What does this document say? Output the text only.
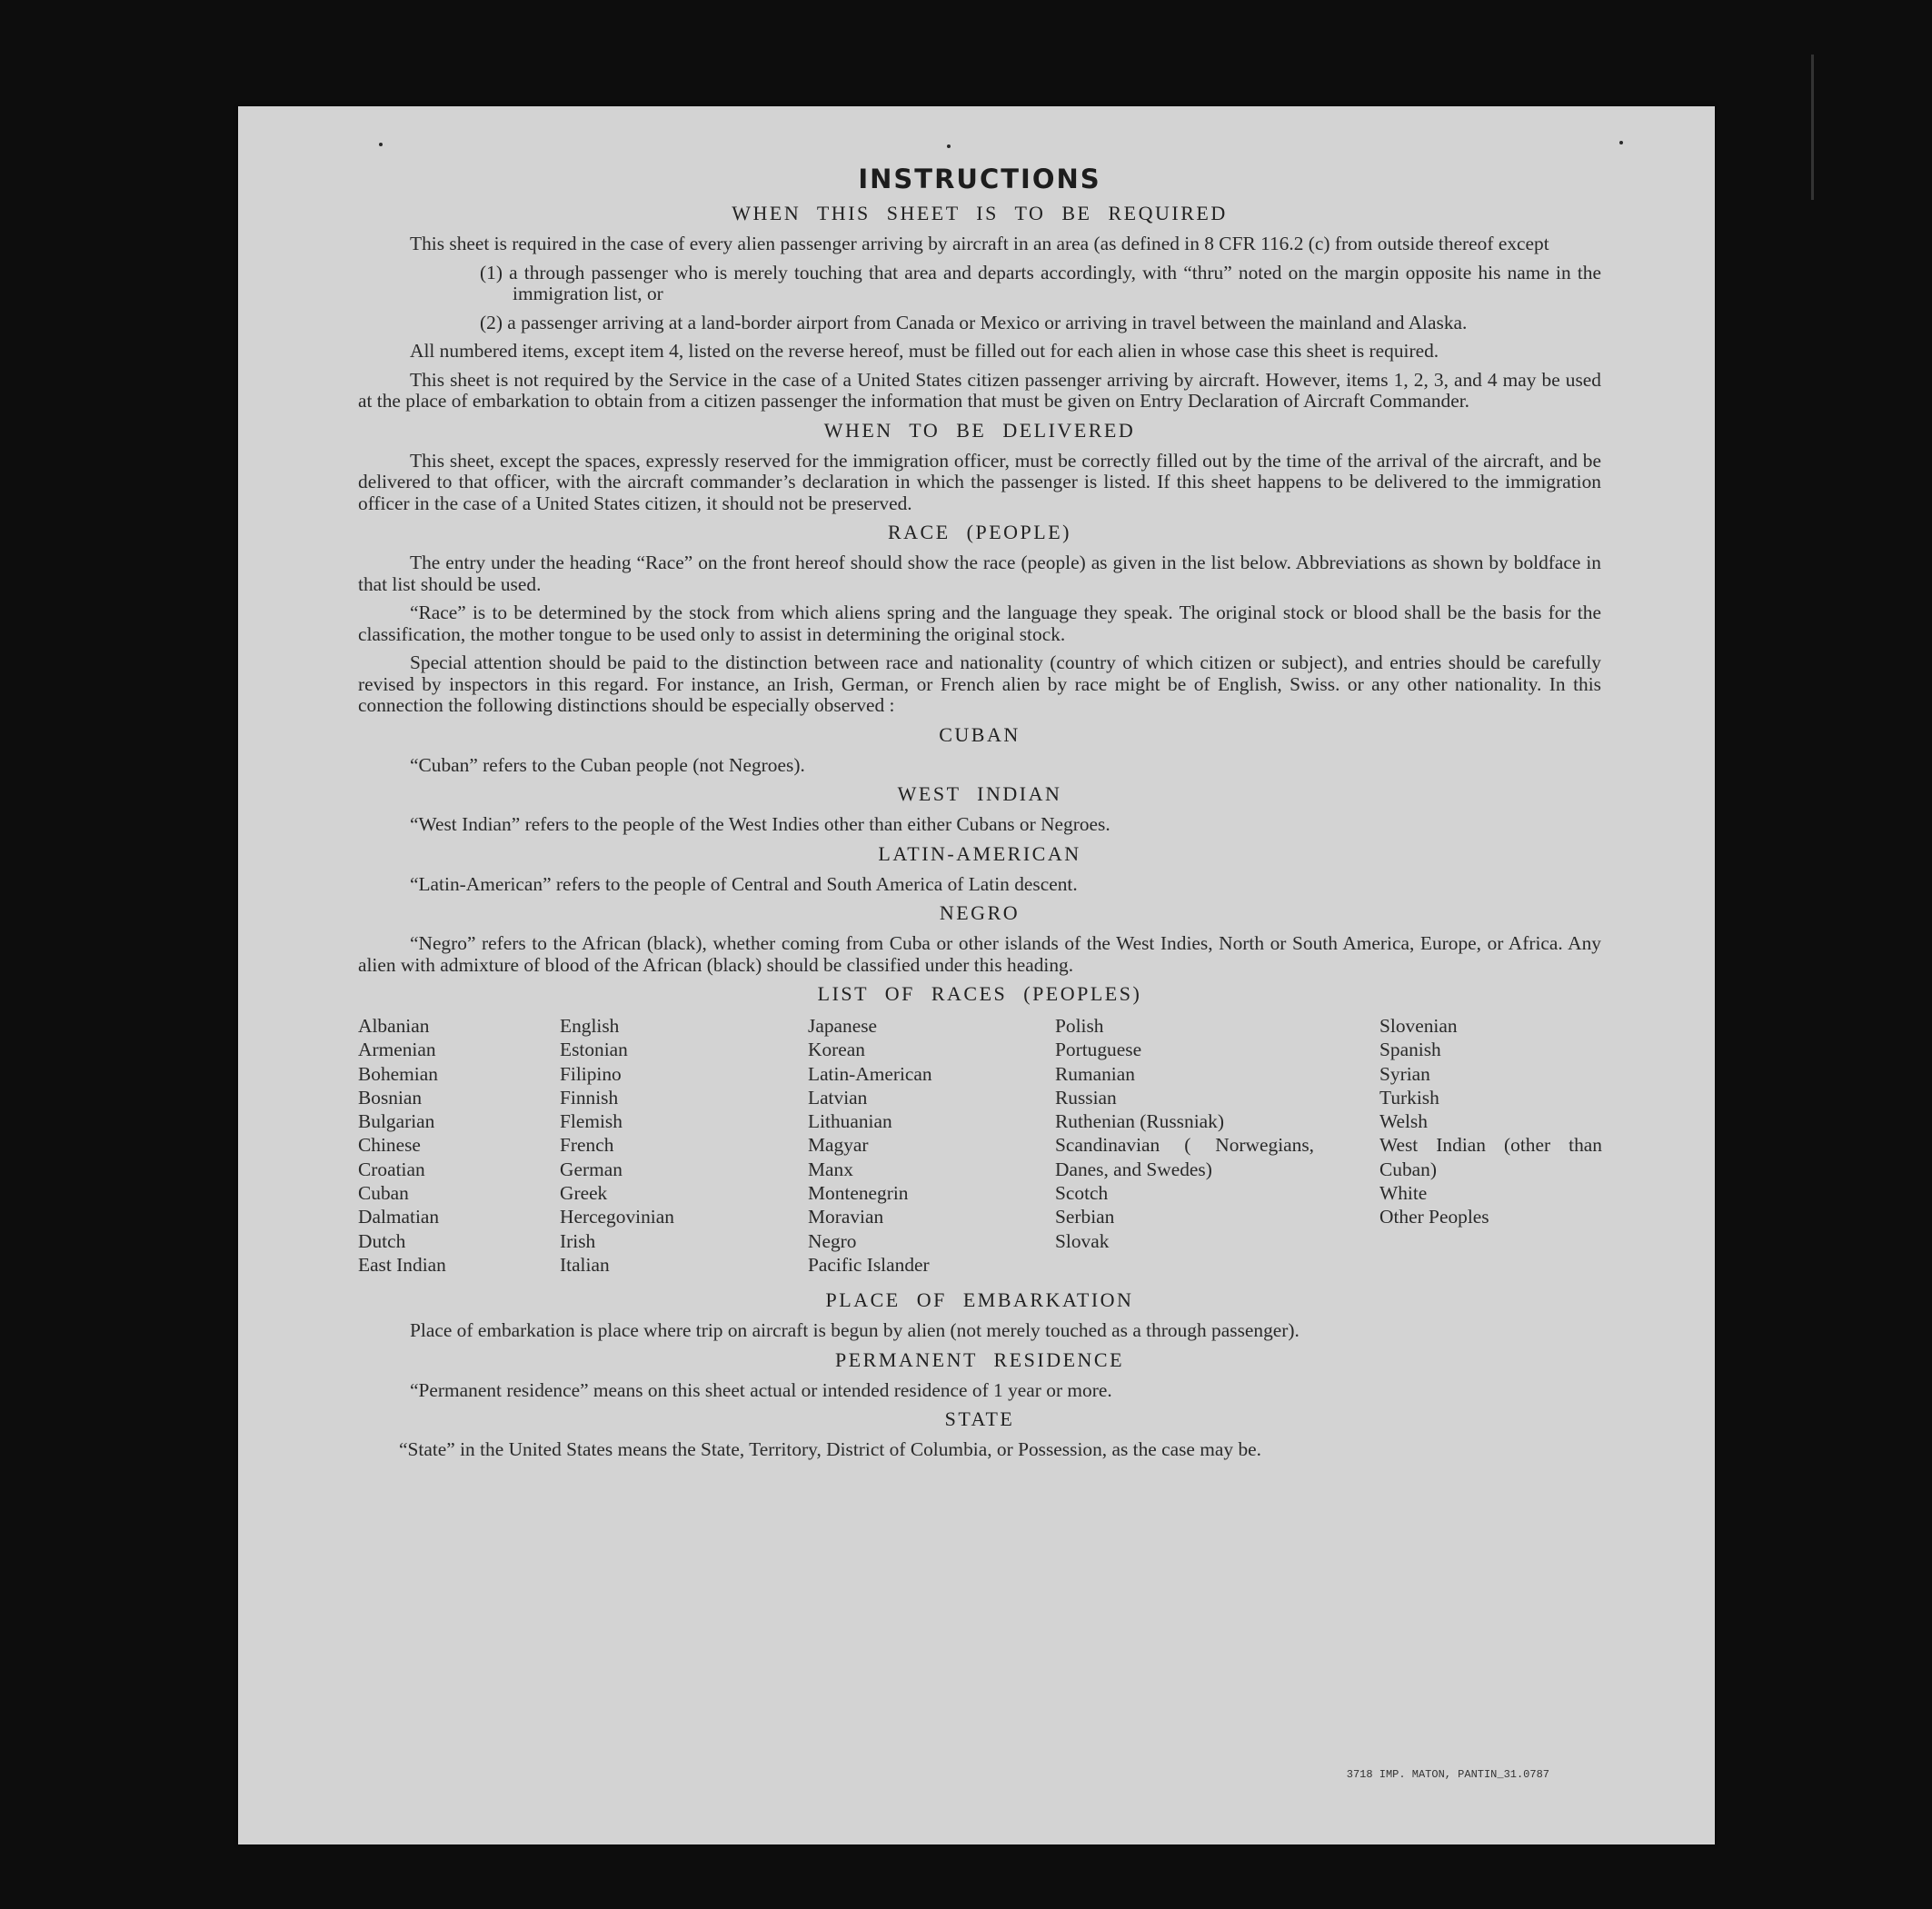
INSTRUCTIONS
WHEN THIS SHEET IS TO BE REQUIRED

This sheet is required in the case of every alien passenger arriving by aircraft in an area (as defined in 8 CFR 116.2 (c) from outside thereof except

(1) a through passenger who is merely touching that area and departs accordingly, with “thru” noted on the margin opposite his name in the immigration list, or

(2) a passenger arriving at a land-border airport from Canada or Mexico or arriving in travel between the mainland and Alaska.

All numbered items, except item 4, listed on the reverse hereof, must be filled out for each alien in whose case this sheet is required.

This sheet is not required by the Service in the case of a United States citizen passenger arriving by aircraft. However, items 1, 2, 3, and 4 may be used at the place of embarkation to obtain from a citizen passenger the information that must be given on Entry Declaration of Aircraft Commander.

WHEN TO BE DELIVERED

This sheet, except the spaces, expressly reserved for the immigration officer, must be correctly filled out by the time of the arrival of the aircraft, and be delivered to that officer, with the aircraft commander’s declaration in which the passenger is listed. If this sheet happens to be delivered to the immigration officer in the case of a United States citizen, it should not be preserved.

RACE (PEOPLE)

The entry under the heading “Race” on the front hereof should show the race (people) as given in the list below. Abbreviations as shown by boldface in that list should be used.

“Race” is to be determined by the stock from which aliens spring and the language they speak. The original stock or blood shall be the basis for the classification, the mother tongue to be used only to assist in determining the original stock.

Special attention should be paid to the distinction between race and nationality (country of which citizen or subject), and entries should be carefully revised by inspectors in this regard. For instance, an Irish, German, or French alien by race might be of English, Swiss. or any other nationality. In this connection the following distinctions should be especially observed :

CUBAN

“Cuban” refers to the Cuban people (not Negroes).

WEST INDIAN

“West Indian” refers to the people of the West Indies other than either Cubans or Negroes.

LATIN-AMERICAN

“Latin-American” refers to the people of Central and South America of Latin descent.

NEGRO

“Negro” refers to the African (black), whether coming from Cuba or other islands of the West Indies, North or South America, Europe, or Africa. Any alien with admixture of blood of the African (black) should be classified under this heading.

LIST OF RACES (PEOPLES)
Albanian
Armenian
Bohemian
Bosnian
Bulgarian
Chinese
Croatian
Cuban
Dalmatian
Dutch
East Indian
English
Estonian
Filipino
Finnish
Flemish
French
German
Greek
Hercegovinian
Irish
Italian
Japanese
Korean
Latin-American
Latvian
Lithuanian
Magyar
Manx
Montenegrin
Moravian
Negro
Pacific Islander
Polish
Portuguese
Rumanian
Russian
Ruthenian (Russniak)
Scandinavian ( Norwegians, Danes, and Swedes)
Scotch
Serbian
Slovak
Slovenian
Spanish
Syrian
Turkish
Welsh
West Indian (other than Cuban)
White
Other Peoples
PLACE OF EMBARKATION

Place of embarkation is place where trip on aircraft is begun by alien (not merely touched as a through passenger).

PERMANENT RESIDENCE

“Permanent residence” means on this sheet actual or intended residence of 1 year or more.

STATE

“State” in the United States means the State, Territory, District of Columbia, or Possession, as the case may be.

3718 IMP. MATON, PANTIN_31.0787
